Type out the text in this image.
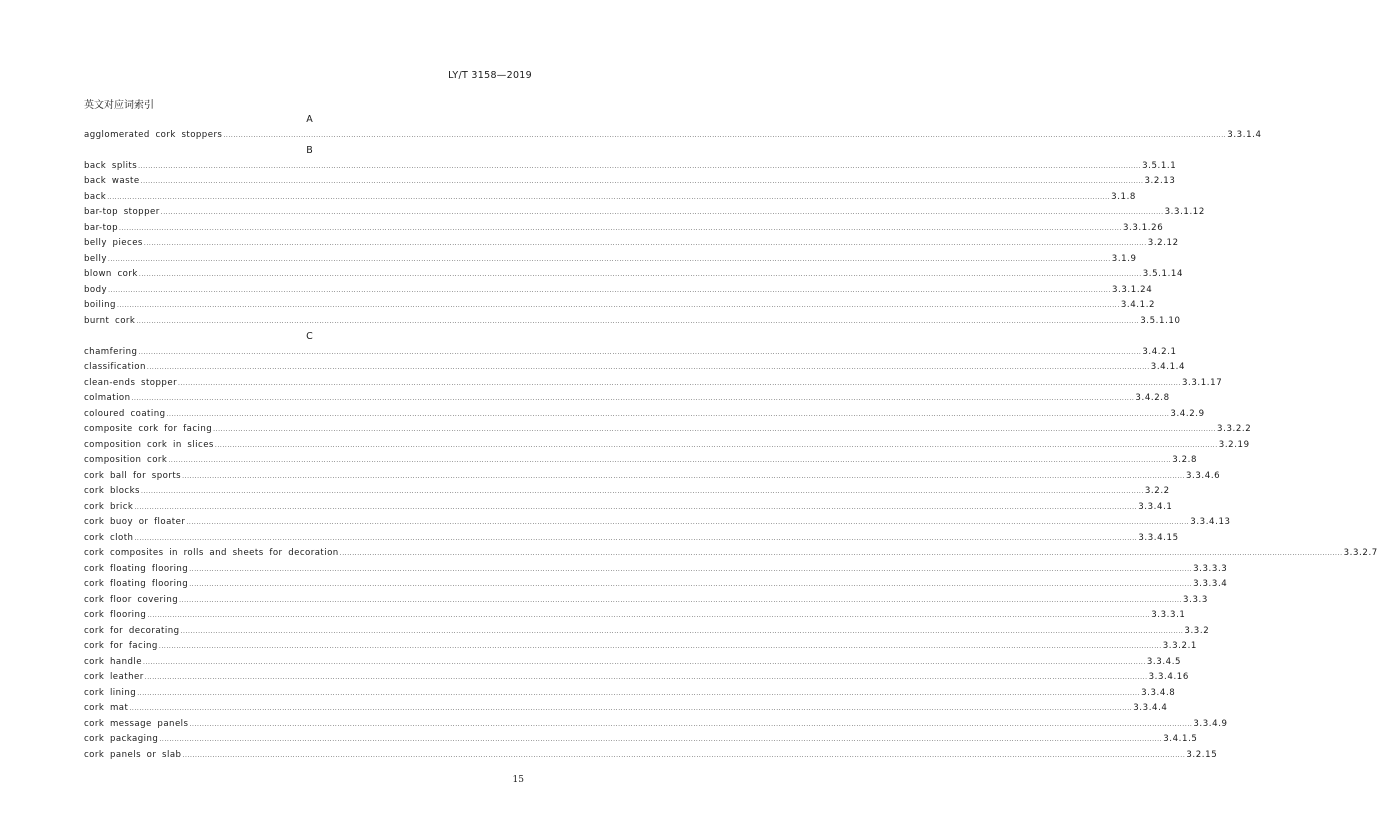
LY/T 3158—2019
英文对应词索引
A
agglomerated cork stoppers ................................................................................................................................................................................................................................................................................................................................................................................................................ 3.3.1.4
B
back splits ................................................................................................................................................................................................................................................................................................................................................................................................................ 3.5.1.1
back waste ................................................................................................................................................................................................................................................................................................................................................................................................................ 3.2.13
back ................................................................................................................................................................................................................................................................................................................................................................................................................ 3.1.8
bar-top stopper ................................................................................................................................................................................................................................................................................................................................................................................................................ 3.3.1.12
bar-top ................................................................................................................................................................................................................................................................................................................................................................................................................ 3.3.1.26
belly pieces ................................................................................................................................................................................................................................................................................................................................................................................................................ 3.2.12
belly ................................................................................................................................................................................................................................................................................................................................................................................................................ 3.1.9
blown cork ................................................................................................................................................................................................................................................................................................................................................................................................................ 3.5.1.14
body ................................................................................................................................................................................................................................................................................................................................................................................................................ 3.3.1.24
boiling ................................................................................................................................................................................................................................................................................................................................................................................................................ 3.4.1.2
burnt cork ................................................................................................................................................................................................................................................................................................................................................................................................................ 3.5.1.10
C
chamfering ................................................................................................................................................................................................................................................................................................................................................................................................................ 3.4.2.1
classification ................................................................................................................................................................................................................................................................................................................................................................................................................ 3.4.1.4
clean-ends stopper ................................................................................................................................................................................................................................................................................................................................................................................................................ 3.3.1.17
colmation ................................................................................................................................................................................................................................................................................................................................................................................................................ 3.4.2.8
coloured coating ................................................................................................................................................................................................................................................................................................................................................................................................................ 3.4.2.9
composite cork for facing ................................................................................................................................................................................................................................................................................................................................................................................................................ 3.3.2.2
composition cork in slices ................................................................................................................................................................................................................................................................................................................................................................................................................ 3.2.19
composition cork ................................................................................................................................................................................................................................................................................................................................................................................................................ 3.2.8
cork ball for sports ................................................................................................................................................................................................................................................................................................................................................................................................................ 3.3.4.6
cork blocks ................................................................................................................................................................................................................................................................................................................................................................................................................ 3.2.2
cork brick ................................................................................................................................................................................................................................................................................................................................................................................................................ 3.3.4.1
cork buoy or floater ................................................................................................................................................................................................................................................................................................................................................................................................................ 3.3.4.13
cork cloth ................................................................................................................................................................................................................................................................................................................................................................................................................ 3.3.4.15
cork composites in rolls and sheets for decoration ................................................................................................................................................................................................................................................................................................................................................................................................................ 3.3.2.7
cork floating flooring ................................................................................................................................................................................................................................................................................................................................................................................................................ 3.3.3.3
cork floating flooring ................................................................................................................................................................................................................................................................................................................................................................................................................ 3.3.3.4
cork floor covering ................................................................................................................................................................................................................................................................................................................................................................................................................ 3.3.3
cork flooring ................................................................................................................................................................................................................................................................................................................................................................................................................ 3.3.3.1
cork for decorating ................................................................................................................................................................................................................................................................................................................................................................................................................ 3.3.2
cork for facing ................................................................................................................................................................................................................................................................................................................................................................................................................ 3.3.2.1
cork handle ................................................................................................................................................................................................................................................................................................................................................................................................................ 3.3.4.5
cork leather ................................................................................................................................................................................................................................................................................................................................................................................................................ 3.3.4.16
cork lining ................................................................................................................................................................................................................................................................................................................................................................................................................ 3.3.4.8
cork mat ................................................................................................................................................................................................................................................................................................................................................................................................................ 3.3.4.4
cork message panels ................................................................................................................................................................................................................................................................................................................................................................................................................ 3.3.4.9
cork packaging ................................................................................................................................................................................................................................................................................................................................................................................................................ 3.4.1.5
cork panels or slab ................................................................................................................................................................................................................................................................................................................................................................................................................ 3.2.15
15
